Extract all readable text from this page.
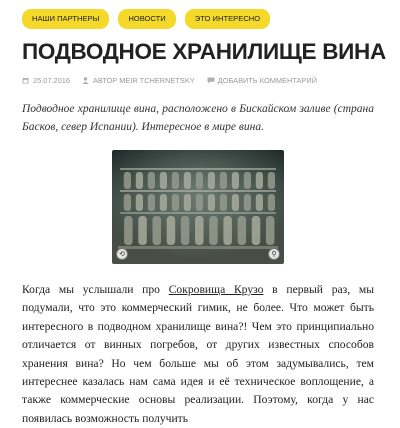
НАШИ ПАРТНЕРЫ	НОВОСТИ	ЭТО ИНТЕРЕСНО
ПОДВОДНОЕ ХРАНИЛИЩЕ ВИНА
25.07.2016	АВТОР MEIR TCHERNETSKY	ДОБАВИТЬ КОММЕНТАРИЙ

Подводное хранилище вина, расположено в Бискайском заливе (страна Басков, север Испании). Интересное в мире вина.

⟲	⚲

Когда мы услышали про Сокровища Крузо в первый раз, мы подумали, что это коммерческий гимик, не более. Что может быть интересного в подводном хранилище вина?! Чем это принципиально отличается от винных погребов, от других известных способов хранения вина? Но чем больше мы об этом задумывались, тем интереснее казалась нам сама идея и её техническое воплощение, а также коммерческие основы реализации. Поэтому, когда у нас появилась возможность получить
